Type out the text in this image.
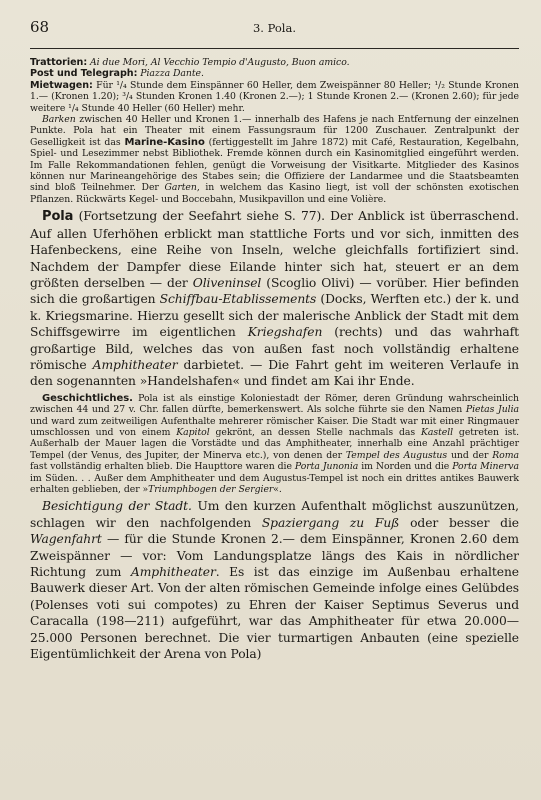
68	3. Pola.

Trattorien: Ai due Mori, Al Vecchio Tempio d'Augusto, Buon amico.

Post und Telegraph: Piazza Dante.

Mietwagen: Für ¹/₄ Stunde dem Einspänner 60 Heller, dem Zweispänner 80 Heller; ¹/₂ Stunde Kronen 1.— (Kronen 1.20); ³/₄ Stunden Kronen 1.40 (Kronen 2.—); 1 Stunde Kronen 2.— (Kronen 2.60); für jede weitere ¹/₄ Stunde 40 Heller (60 Heller) mehr.

Barken zwischen 40 Heller und Kronen 1.— innerhalb des Hafens je nach Entfernung der einzelnen Punkte. Pola hat ein Theater mit einem Fassungsraum für 1200 Zuschauer. Zentralpunkt der Geselligkeit ist das Marine-Kasino (fertiggestellt im Jahre 1872) mit Café, Restauration, Kegelbahn, Spiel- und Lesezimmer nebst Bibliothek. Fremde können durch ein Kasinomitglied eingeführt werden. Im Falle Rekommandationen fehlen, genügt die Vorweisung der Visitkarte. Mitglieder des Kasinos können nur Marineangehörige des Stabes sein; die Offiziere der Landarmee und die Staatsbeamten sind bloß Teilnehmer. Der Garten, in welchem das Kasino liegt, ist voll der schönsten exotischen Pflanzen. Rückwärts Kegel- und Boccebahn, Musikpavillon und eine Volière.

Pola (Fortsetzung der Seefahrt siehe S. 77). Der Anblick ist überraschend. Auf allen Uferhöhen erblickt man stattliche Forts und vor sich, inmitten des Hafenbeckens, eine Reihe von Inseln, welche gleichfalls fortifiziert sind. Nachdem der Dampfer diese Eilande hinter sich hat, steuert er an dem größten derselben — der Oliveninsel (Scoglio Olivi) — vorüber. Hier befinden sich die großartigen Schiffbau-Etablissements (Docks, Werften etc.) der k. und k. Kriegsmarine. Hierzu gesellt sich der malerische Anblick der Stadt mit dem Schiffsgewirre im eigentlichen Kriegshafen (rechts) und das wahrhaft großartige Bild, welches das von außen fast noch vollständig erhaltene römische Amphitheater darbietet. — Die Fahrt geht im weiteren Verlaufe in den sogenannten »Handelshafen« und findet am Kai ihr Ende.

Geschichtliches. Pola ist als einstige Koloniestadt der Römer, deren Gründung wahrscheinlich zwischen 44 und 27 v. Chr. fallen dürfte, bemerkenswert. Als solche führte sie den Namen Pietas Julia und ward zum zeitweiligen Aufenthalte mehrerer römischer Kaiser. Die Stadt war mit einer Ringmauer umschlossen und von einem Kapitol gekrönt, an dessen Stelle nachmals das Kastell getreten ist. Außerhalb der Mauer lagen die Vorstädte und das Amphitheater, innerhalb eine Anzahl prächtiger Tempel (der Venus, des Jupiter, der Minerva etc.), von denen der Tempel des Augustus und der Roma fast vollständig erhalten blieb. Die Haupttore waren die Porta Junonia im Norden und die Porta Minerva im Süden. . . Außer dem Amphitheater und dem Augustus-Tempel ist noch ein drittes antikes Bauwerk erhalten geblieben, der »Triumphbogen der Sergier«.

Besichtigung der Stadt. Um den kurzen Aufenthalt möglichst auszunützen, schlagen wir den nachfolgenden Spaziergang zu Fuß oder besser die Wagenfahrt — für die Stunde Kronen 2.— dem Einspänner, Kronen 2.60 dem Zweispänner — vor: Vom Landungsplatze längs des Kais in nördlicher Richtung zum Amphitheater. Es ist das einzige im Außenbau erhaltene Bauwerk dieser Art. Von der alten römischen Gemeinde infolge eines Gelübdes (Polenses voti sui compotes) zu Ehren der Kaiser Septimus Severus und Caracalla (198—211) aufgeführt, war das Amphitheater für etwa 20.000—25.000 Personen berechnet. Die vier turmartigen Anbauten (eine spezielle Eigentümlichkeit der Arena von Pola)
